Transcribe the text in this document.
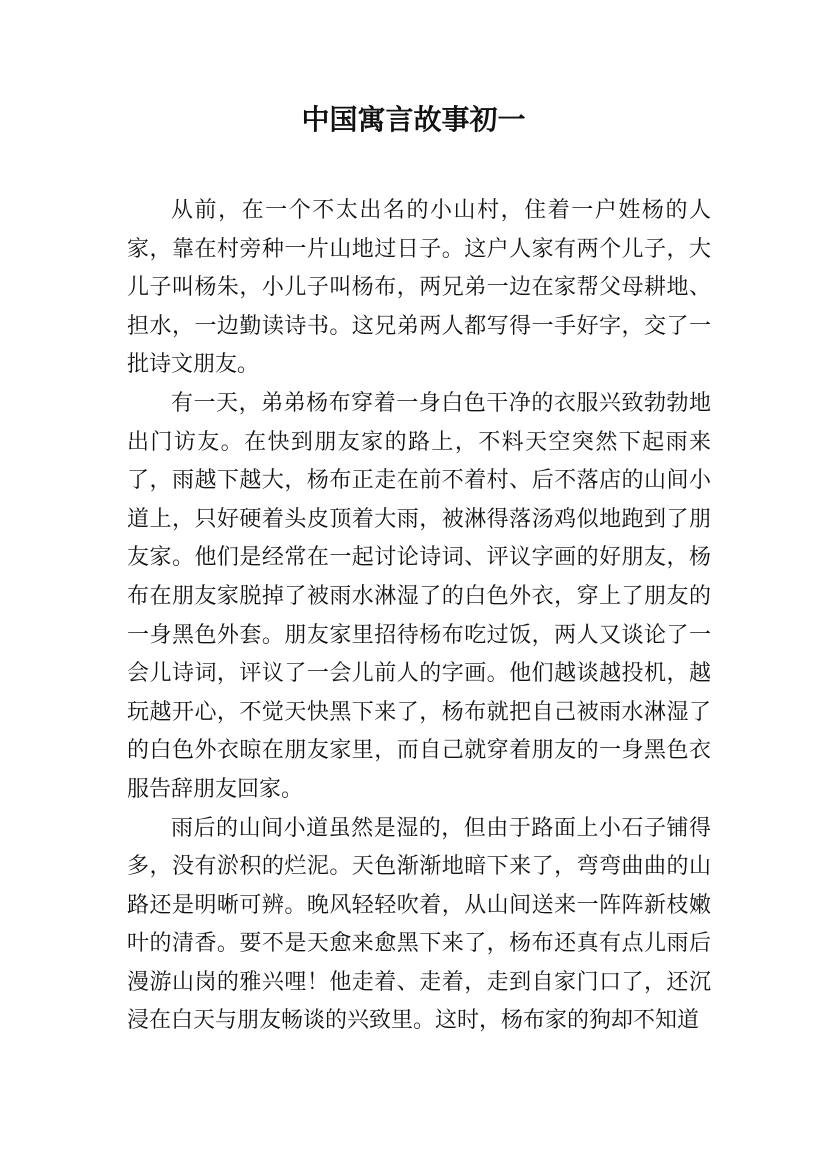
中国寓言故事初一

从前，在一个不太出名的小山村，住着一户姓杨的人家，靠在村旁种一片山地过日子。这户人家有两个儿子，大儿子叫杨朱，小儿子叫杨布，两兄弟一边在家帮父母耕地、担水，一边勤读诗书。这兄弟两人都写得一手好字，交了一批诗文朋友。

有一天，弟弟杨布穿着一身白色干净的衣服兴致勃勃地出门访友。在快到朋友家的路上，不料天空突然下起雨来了，雨越下越大，杨布正走在前不着村、后不落店的山间小道上，只好硬着头皮顶着大雨，被淋得落汤鸡似地跑到了朋友家。他们是经常在一起讨论诗词、评议字画的好朋友，杨布在朋友家脱掉了被雨水淋湿了的白色外衣，穿上了朋友的一身黑色外套。朋友家里招待杨布吃过饭，两人又谈论了一会儿诗词，评议了一会儿前人的字画。他们越谈越投机，越玩越开心，不觉天快黑下来了，杨布就把自己被雨水淋湿了的白色外衣晾在朋友家里，而自己就穿着朋友的一身黑色衣服告辞朋友回家。

雨后的山间小道虽然是湿的，但由于路面上小石子铺得多，没有淤积的烂泥。天色渐渐地暗下来了，弯弯曲曲的山路还是明晰可辨。晚风轻轻吹着，从山间送来一阵阵新枝嫩叶的清香。要不是天愈来愈黑下来了，杨布还真有点儿雨后漫游山岗的雅兴哩！他走着、走着，走到自家门口了，还沉浸在白天与朋友畅谈的兴致里。这时，杨布家的狗却不知道
